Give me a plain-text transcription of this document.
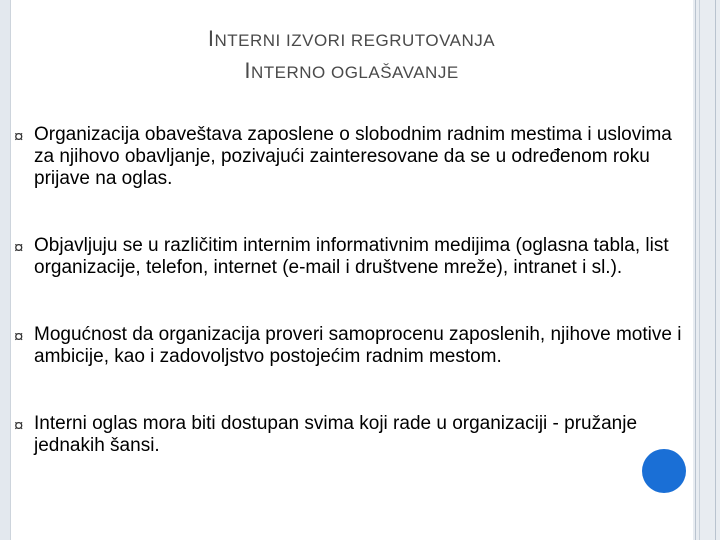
INTERNI IZVORI REGRUTOVANJA
INTERNO OGLAŠAVANJE
¤ Organizacija obaveštava zaposlene o slobodnim radnim mestima i uslovima za njihovo obavljanje, pozivajući zainteresovane da se u određenom roku prijave na oglas.
¤ Objavljuju se u različitim internim informativnim medijima (oglasna tabla, list organizacije, telefon, internet (e-mail i društvene mreže), intranet i sl.).
¤ Mogućnost da organizacija proveri samoprocenu zaposlenih, njihove motive i ambicije, kao i zadovoljstvo postojećim radnim mestom.
¤ Interni oglas mora biti dostupan svima koji rade u organizaciji - pružanje jednakih šansi.
